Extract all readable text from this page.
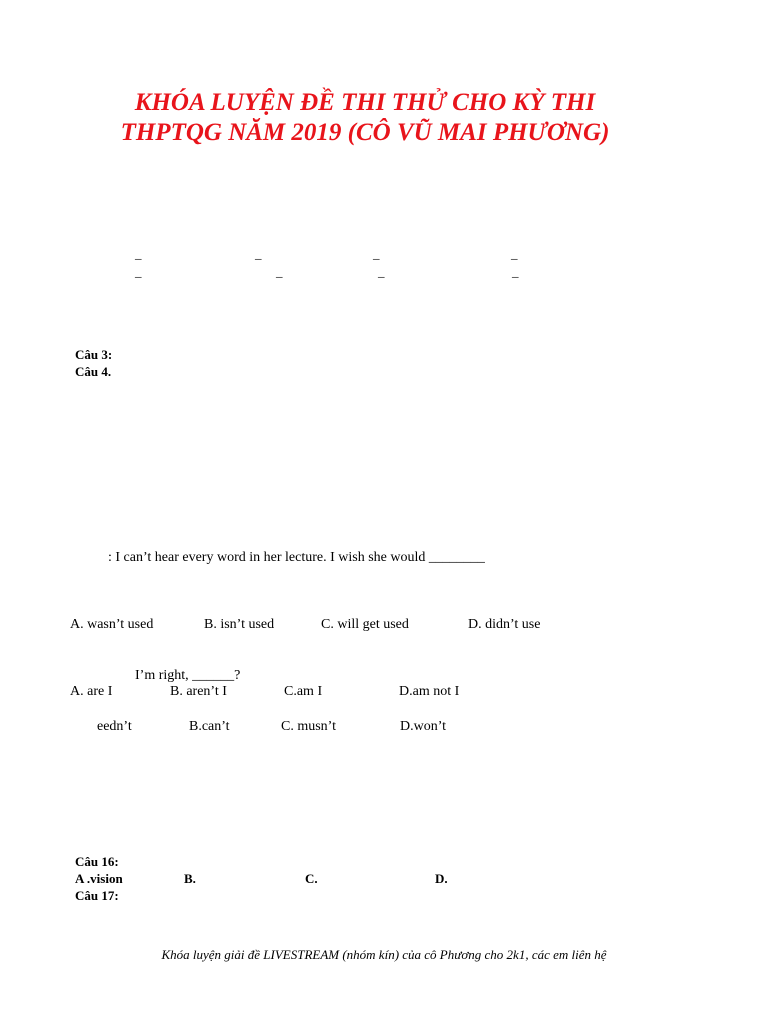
KHÓA LUYỆN ĐỀ THI THỬ CHO KỲ THI
THPTQG NĂM 2019 (CÔ VŨ MAI PHƯƠNG)
_	_	_	_
_	_	_	_
Câu 3:
Câu 4.
: I can’t hear every word in her lecture. I wish she would ________
A. wasn’t used	B. isn’t used	C. will get used	D. didn’t use
I’m right, ______?
A. are I	B. aren’t I	C.am I	D.am not I
eedn’t	B.can’t	C. musn’t	D.won’t
Câu 16:
A .vision	B.	C.	D.
Câu 17:
Khóa luyện giải đề LIVESTREAM (nhóm kín) của cô Phương cho 2k1, các em liên hệ
